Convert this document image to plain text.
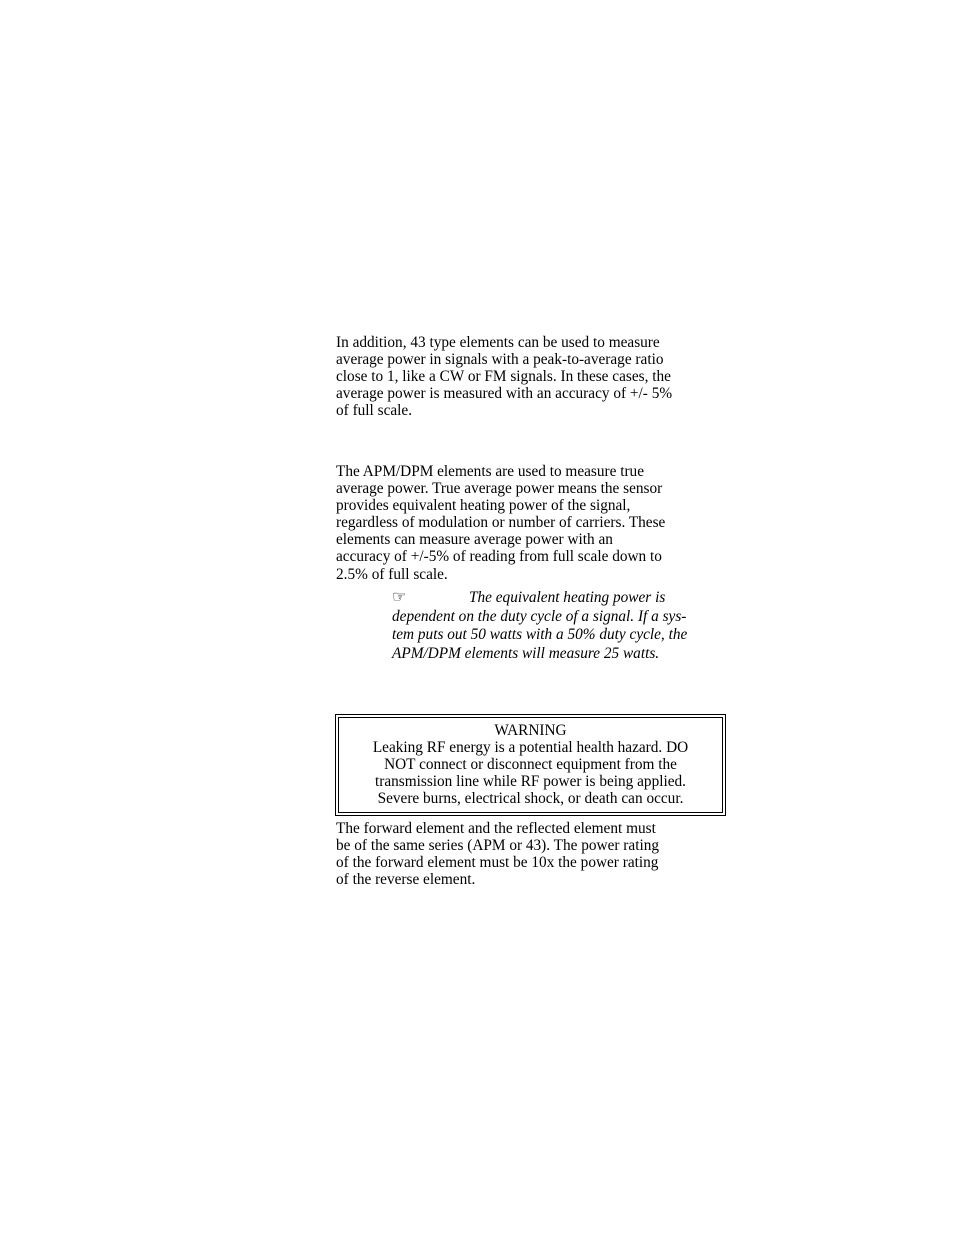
In addition, 43 type elements can be used to measure
average power in signals with a peak-to-average ratio
close to 1, like a CW or FM signals. In these cases, the
average power is measured with an accuracy of +/- 5%
of full scale.
The APM/DPM elements are used to measure true
average power. True average power means the sensor
provides equivalent heating power of the signal,
regardless of modulation or number of carriers. These
elements can measure average power with an
accuracy of +/-5% of reading from full scale down to
2.5% of full scale.
☞	The equivalent heating power is
dependent on the duty cycle of a signal. If a sys-
tem puts out 50 watts with a 50% duty cycle, the
APM/DPM elements will measure 25 watts.
WARNING
Leaking RF energy is a potential health hazard. DO
NOT connect or disconnect equipment from the
transmission line while RF power is being applied.
Severe burns, electrical shock, or death can occur.
The forward element and the reflected element must
be of the same series (APM or 43). The power rating
of the forward element must be 10x the power rating
of the reverse element.
